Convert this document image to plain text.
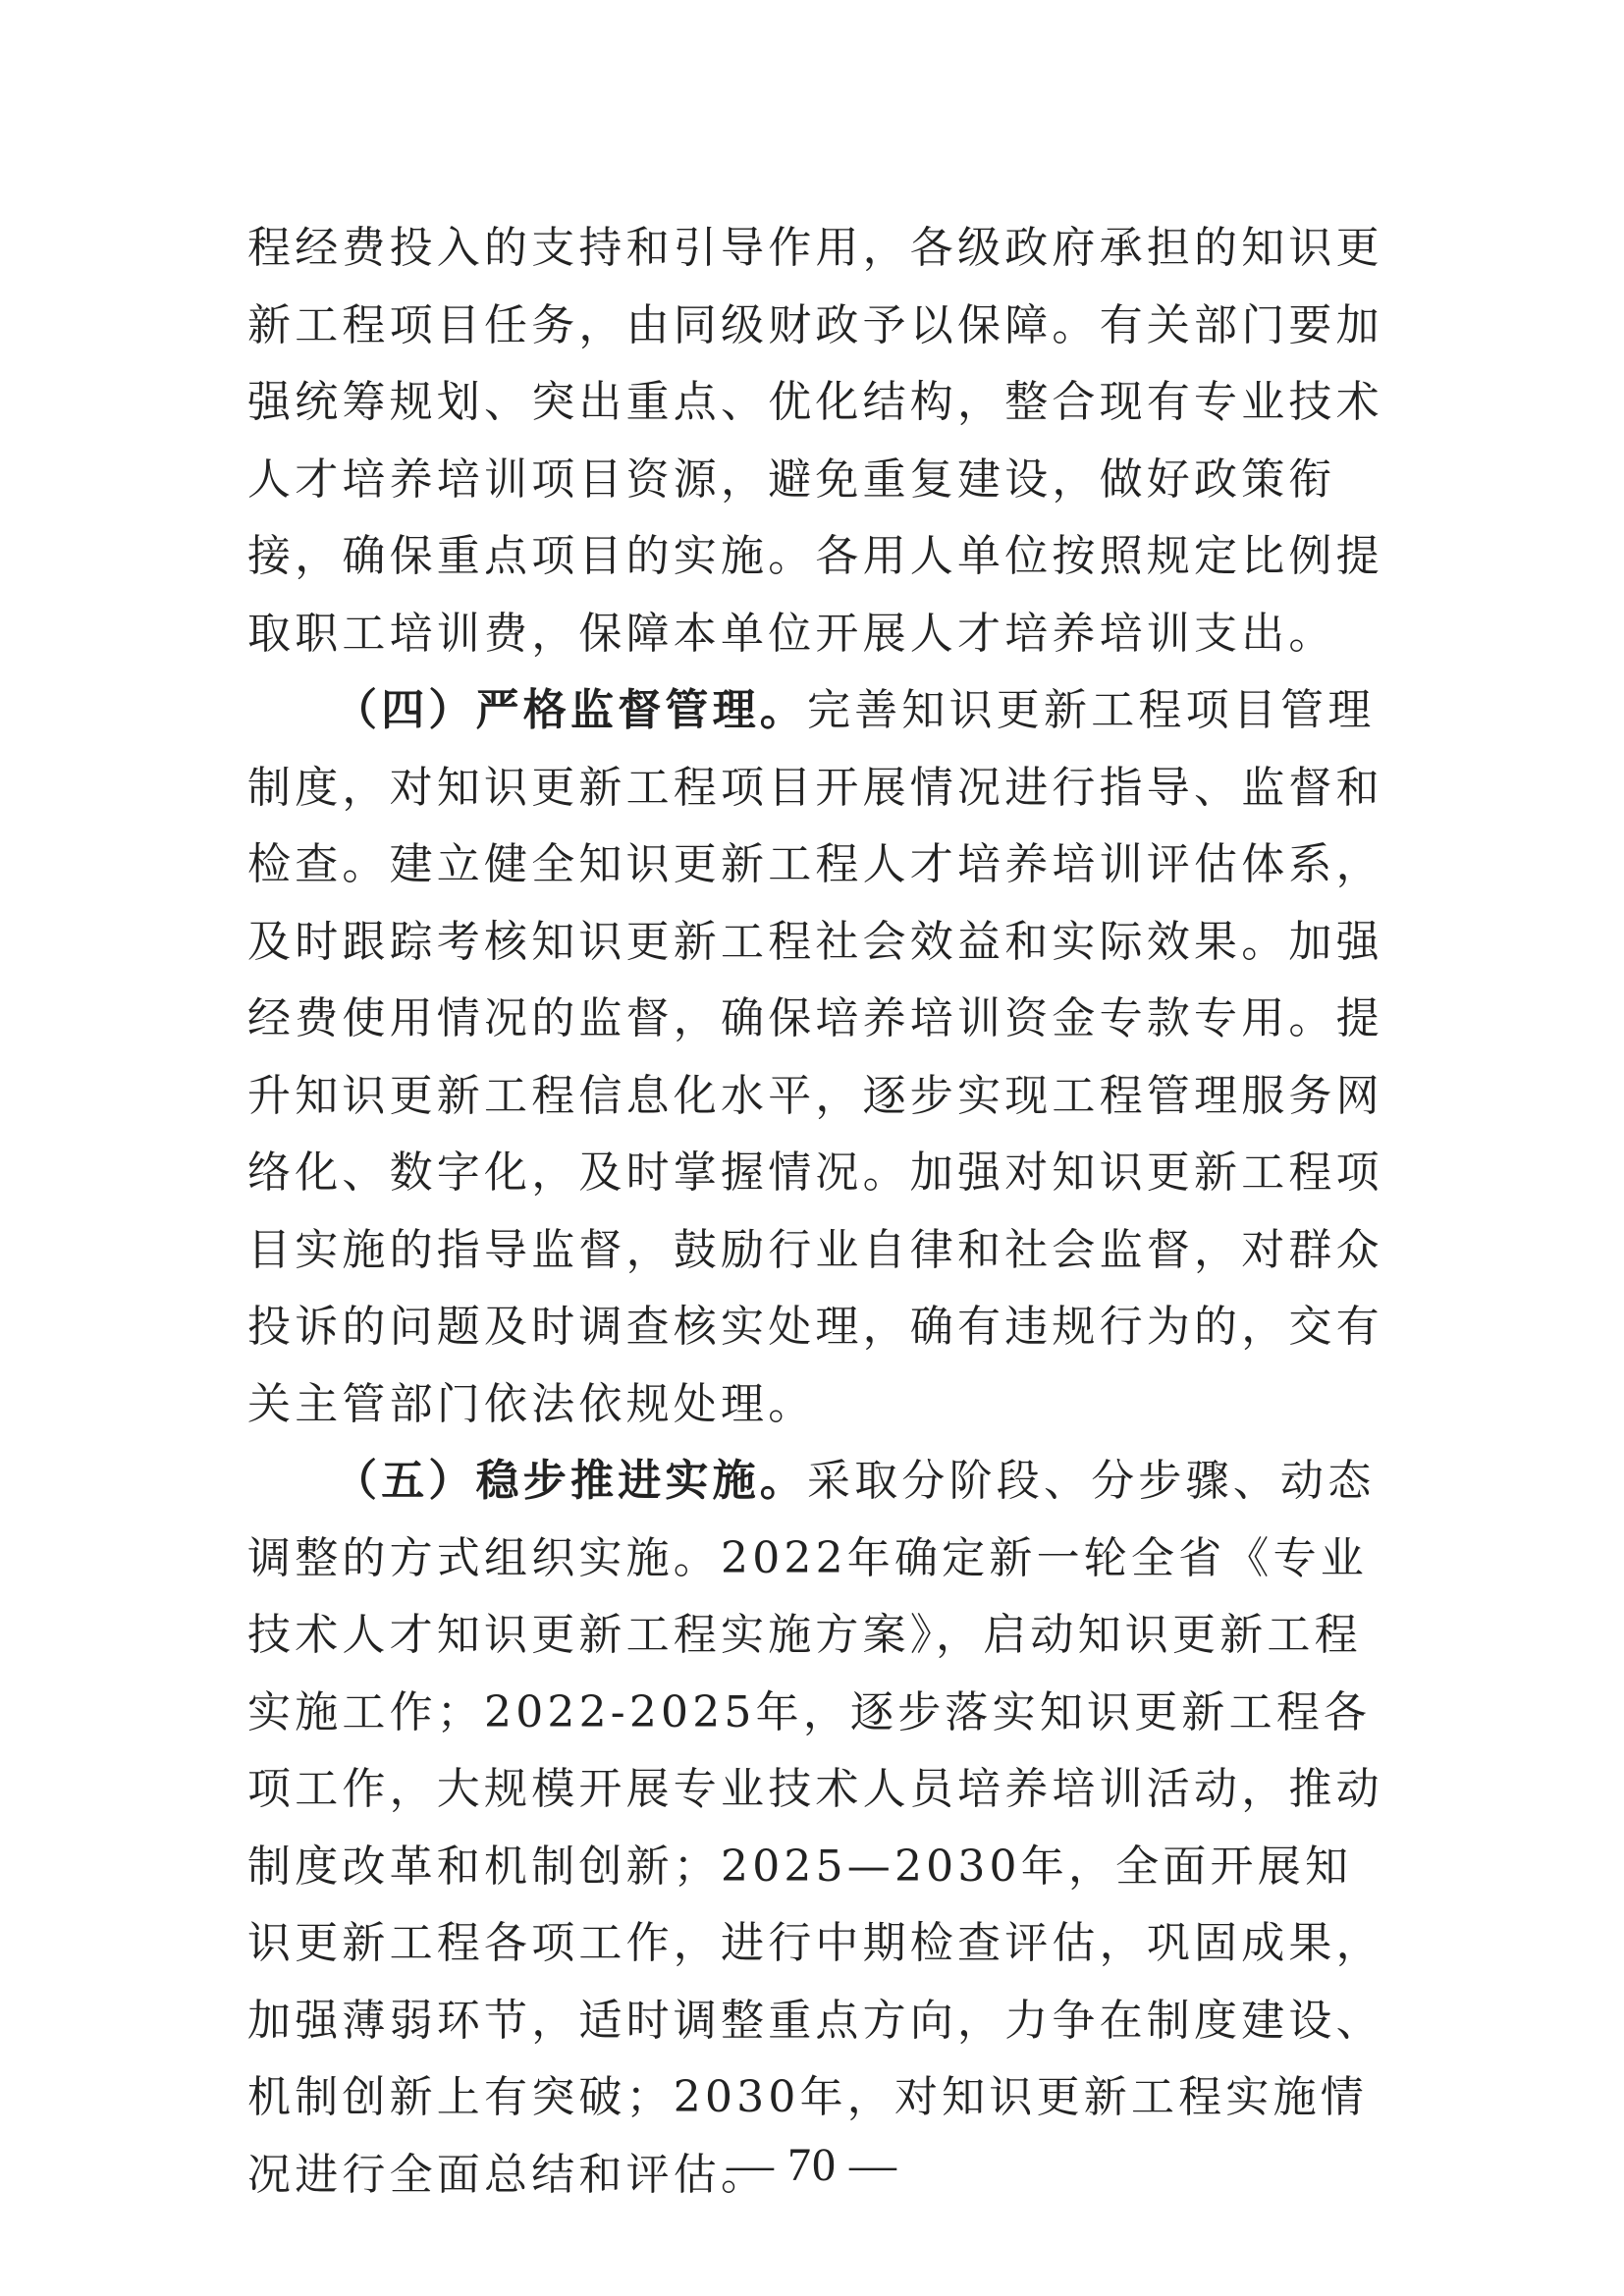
程经费投入的支持和引导作用，各级政府承担的知识更新工程项目任务，由同级财政予以保障。有关部门要加强统筹规划、突出重点、优化结构，整合现有专业技术人才培养培训项目资源，避免重复建设，做好政策衔接，确保重点项目的实施。各用人单位按照规定比例提取职工培训费，保障本单位开展人才培养培训支出。

（四）严格监督管理。完善知识更新工程项目管理制度，对知识更新工程项目开展情况进行指导、监督和检查。建立健全知识更新工程人才培养培训评估体系，及时跟踪考核知识更新工程社会效益和实际效果。加强经费使用情况的监督，确保培养培训资金专款专用。提升知识更新工程信息化水平，逐步实现工程管理服务网络化、数字化，及时掌握情况。加强对知识更新工程项目实施的指导监督，鼓励行业自律和社会监督，对群众投诉的问题及时调查核实处理，确有违规行为的，交有关主管部门依法依规处理。

（五）稳步推进实施。采取分阶段、分步骤、动态调整的方式组织实施。2022年确定新一轮全省《专业技术人才知识更新工程实施方案》，启动知识更新工程实施工作；2022-2025年，逐步落实知识更新工程各项工作，大规模开展专业技术人员培养培训活动，推动制度改革和机制创新；2025—2030年，全面开展知识更新工程各项工作，进行中期检查评估，巩固成果，加强薄弱环节，适时调整重点方向，力争在制度建设、机制创新上有突破；2030年，对知识更新工程实施情况进行全面总结和评估。

— 70 —
